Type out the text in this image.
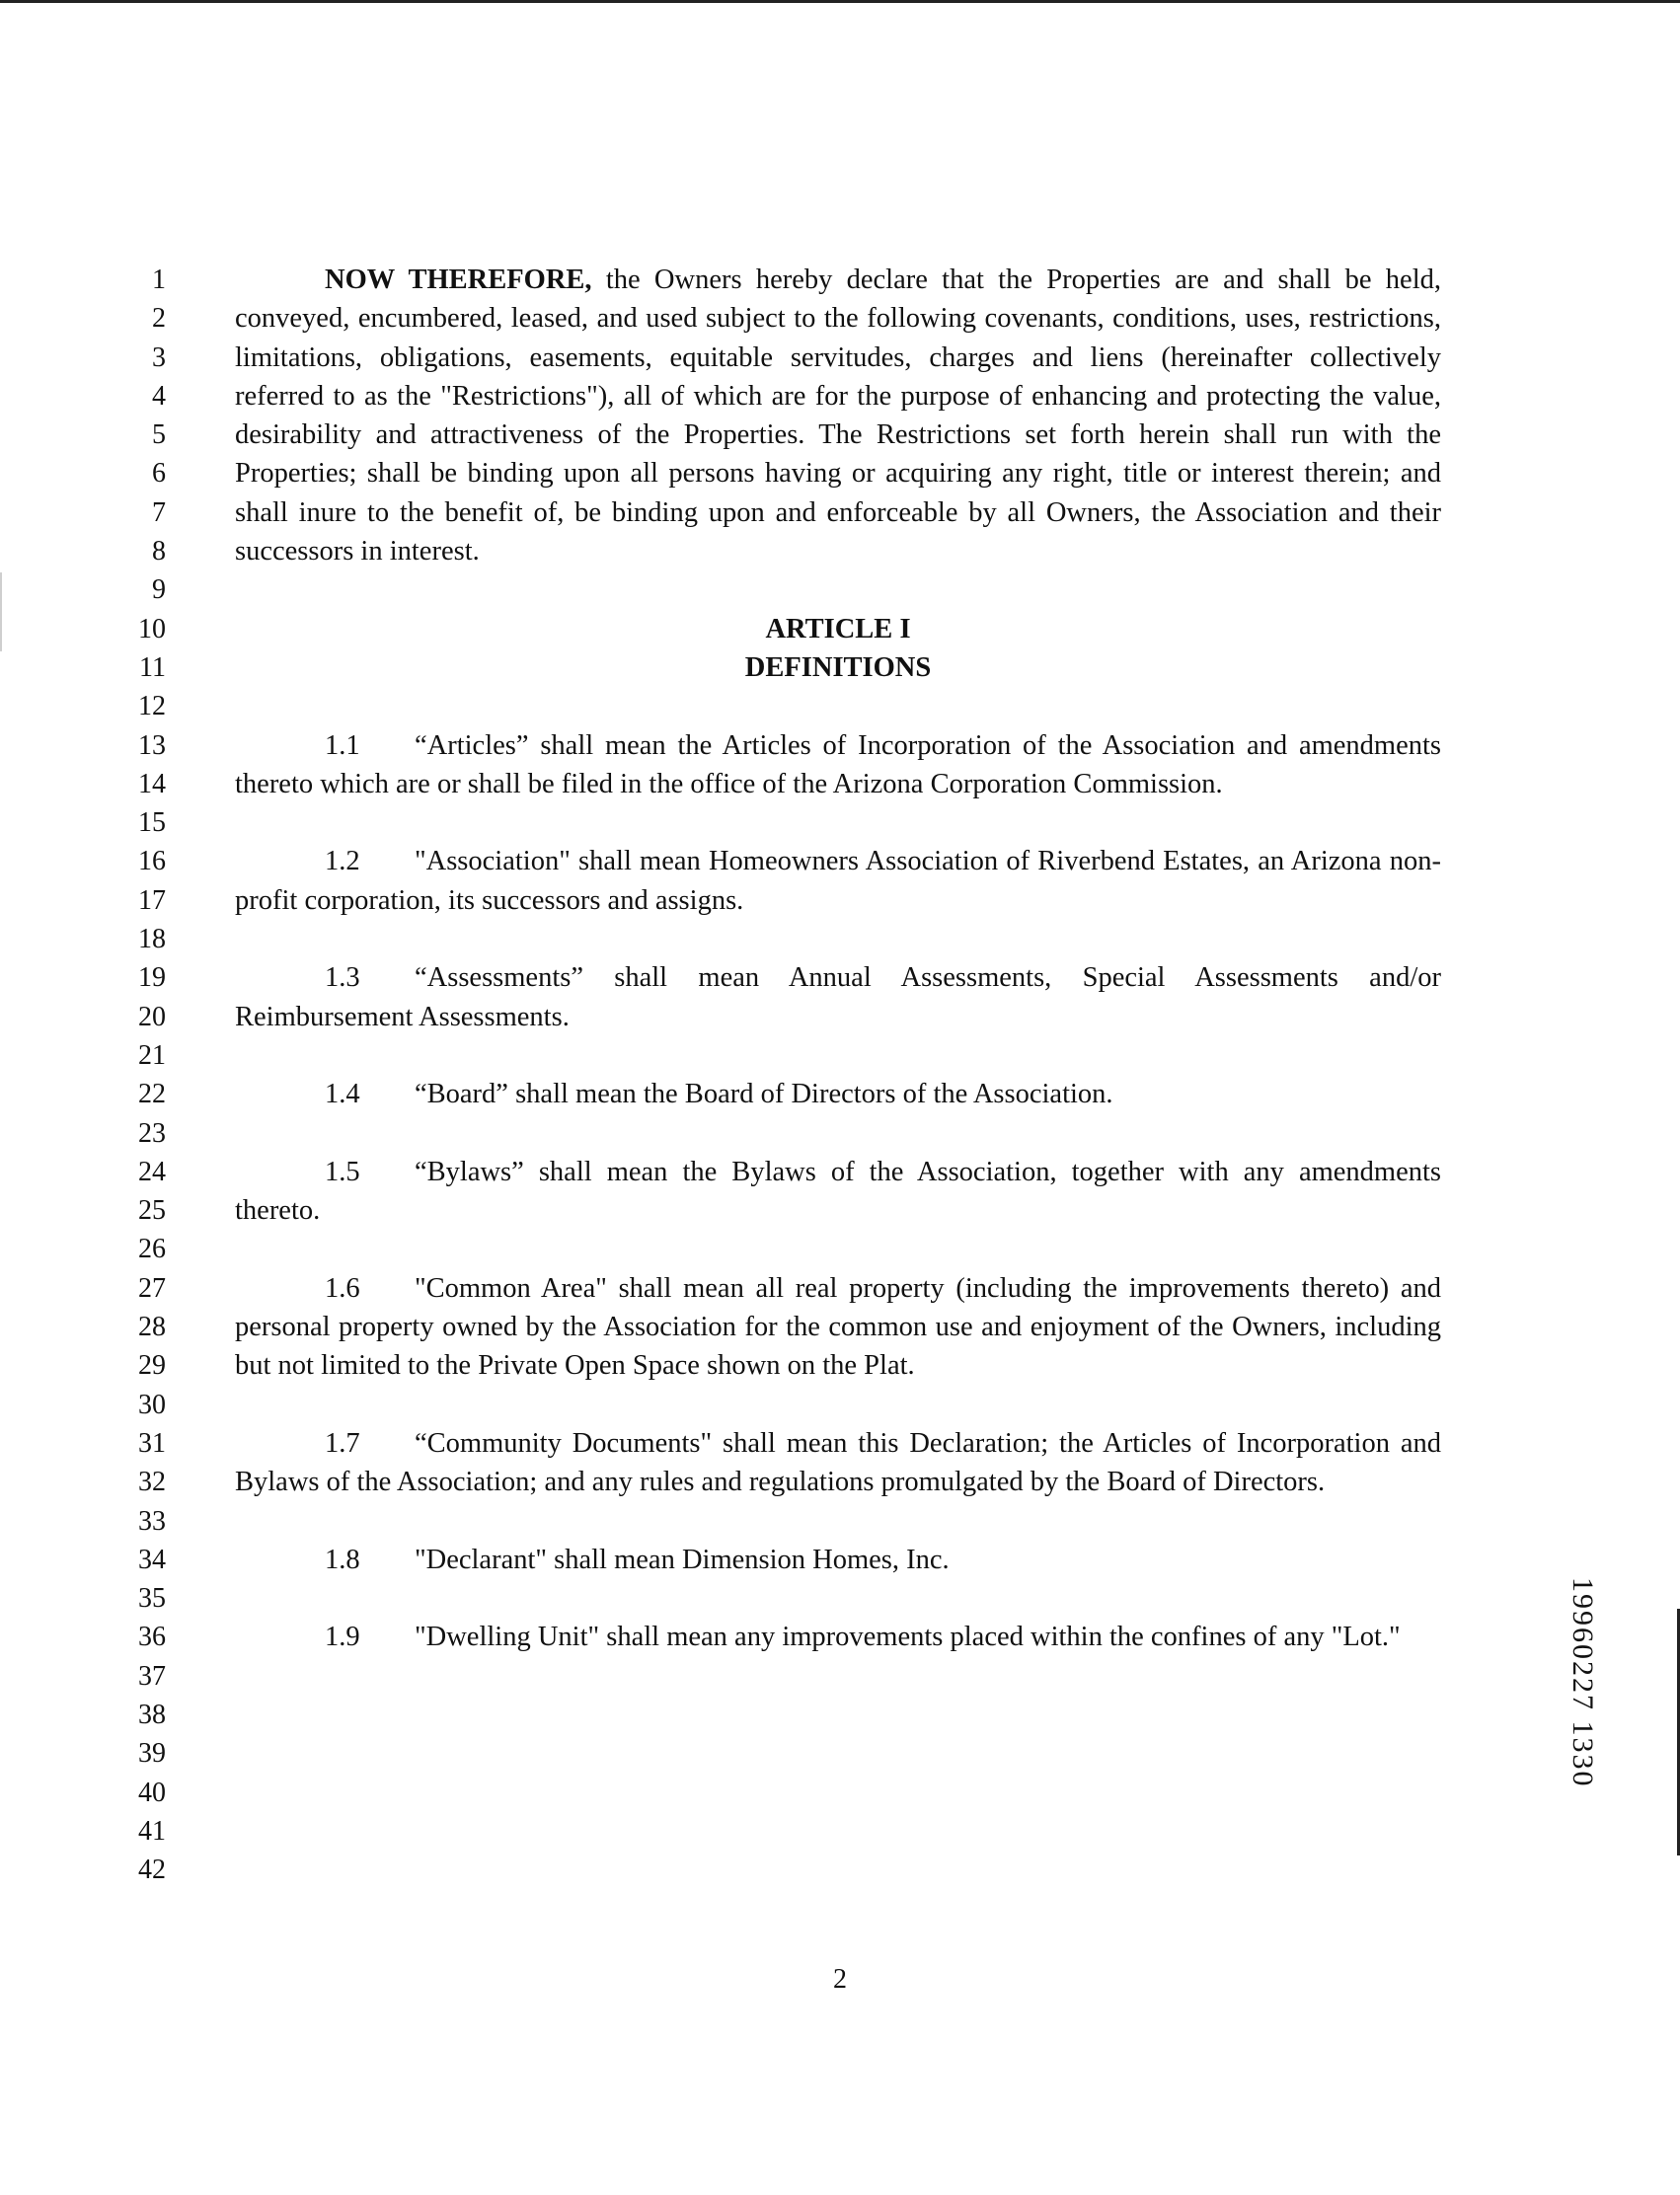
1
2
3
4
5
6
7
8
9
10
11
12
13
14
15
16
17
18
19
20
21
22
23
24
25
26
27
28
29
30
31
32
33
34
35
36
37
38
39
40
41
42

NOW THEREFORE, the Owners hereby declare that the Properties are and shall be held, conveyed, encumbered, leased, and used subject to the following covenants, conditions, uses, restrictions, limitations, obligations, easements, equitable servitudes, charges and liens (hereinafter collectively referred to as the "Restrictions"), all of which are for the purpose of enhancing and protecting the value, desirability and attractiveness of the Properties. The Restrictions set forth herein shall run with the Properties; shall be binding upon all persons having or acquiring any right, title or interest therein; and shall inure to the benefit of, be binding upon and enforceable by all Owners, the Association and their successors in interest.

ARTICLE I

DEFINITIONS

1.1 “Articles” shall mean the Articles of Incorporation of the Association and amendments thereto which are or shall be filed in the office of the Arizona Corporation Commission.

1.2 "Association" shall mean Homeowners Association of Riverbend Estates, an Arizona non-profit corporation, its successors and assigns.

1.3 “Assessments” shall mean Annual Assessments, Special Assessments and/or Reimbursement Assessments.

1.4 “Board” shall mean the Board of Directors of the Association.

1.5 “Bylaws” shall mean the Bylaws of the Association, together with any amendments thereto.

1.6 "Common Area" shall mean all real property (including the improvements thereto) and personal property owned by the Association for the common use and enjoyment of the Owners, including but not limited to the Private Open Space shown on the Plat.

1.7 “Community Documents" shall mean this Declaration; the Articles of Incorporation and Bylaws of the Association; and any rules and regulations promulgated by the Board of Directors.

1.8 "Declarant" shall mean Dimension Homes, Inc.

1.9 "Dwelling Unit" shall mean any improvements placed within the confines of any "Lot."

2
19960227 1330
